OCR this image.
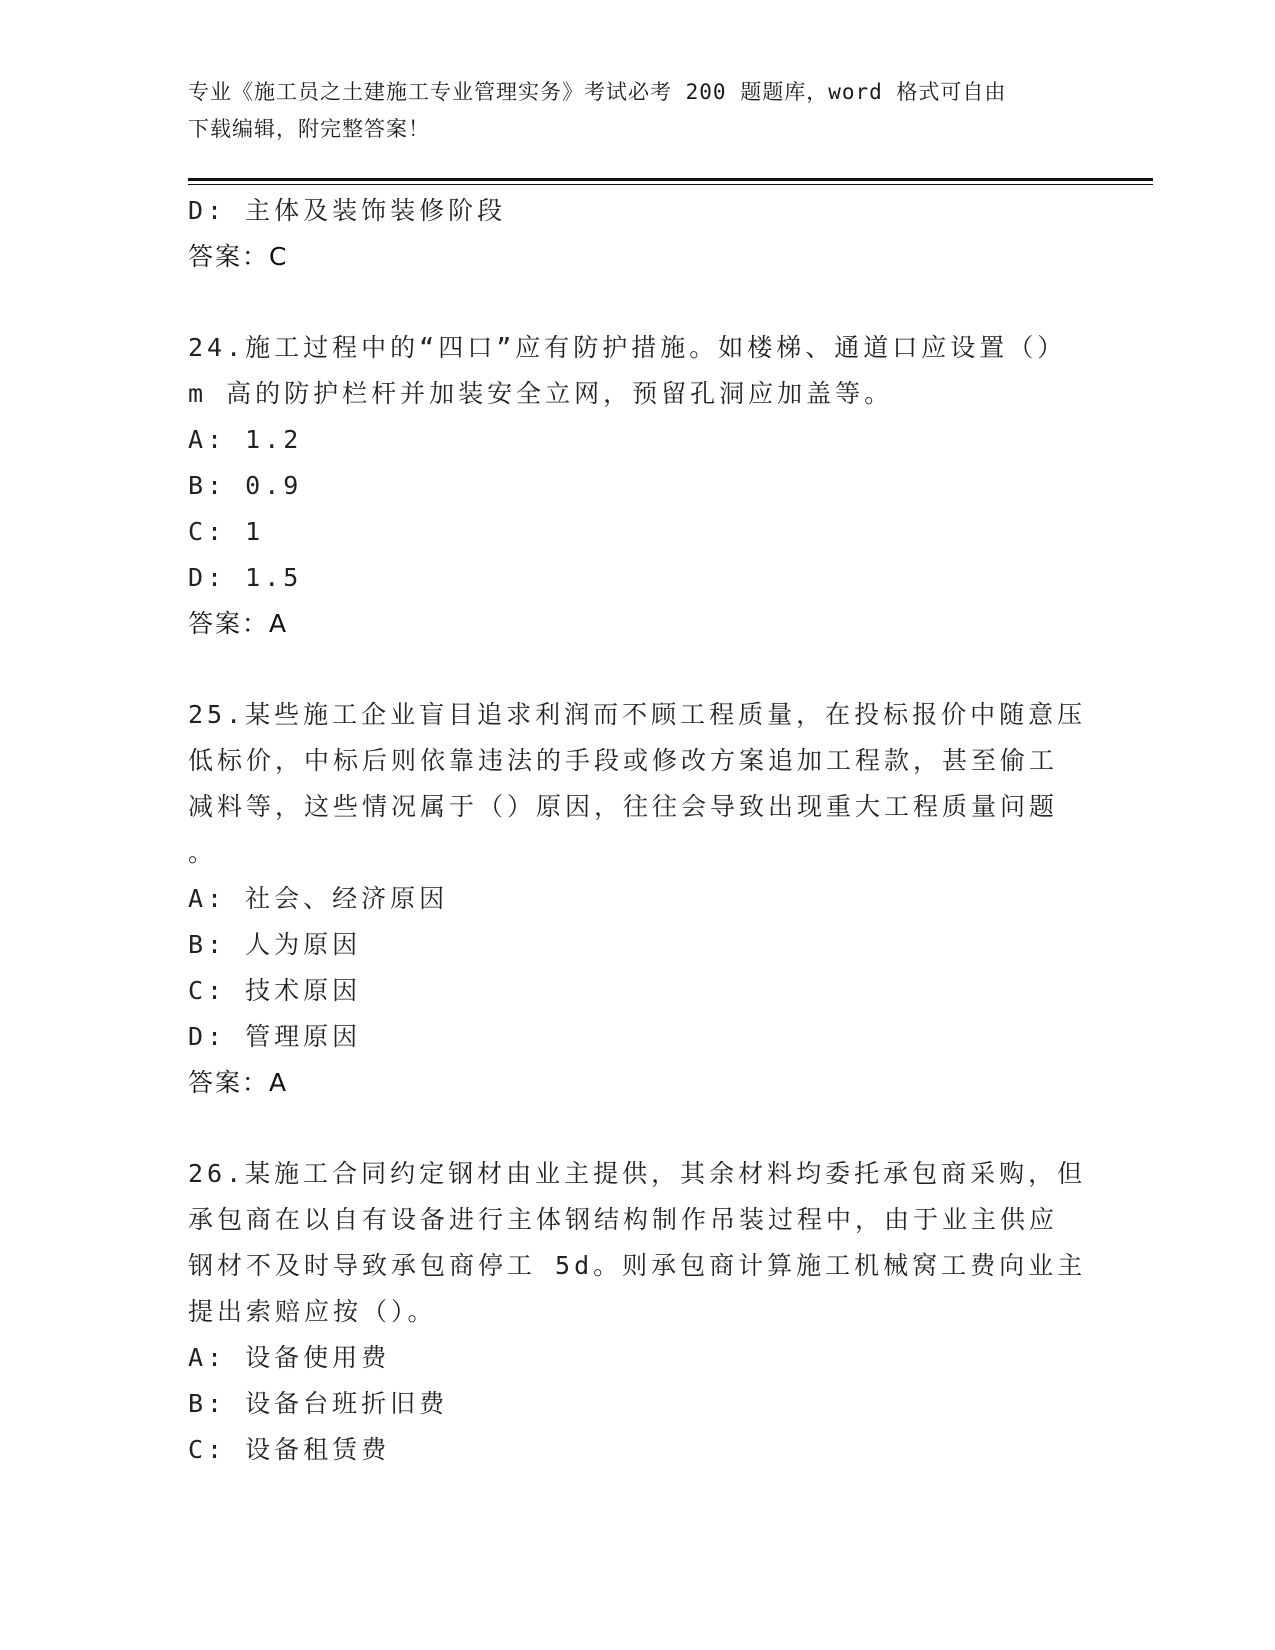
专业《施工员之土建施工专业管理实务》考试必考 200 题题库，word 格式可自由
下载编辑，附完整答案！
D: 主体及装饰装修阶段
答案：C
24.施工过程中的“四口”应有防护措施。如楼梯、通道口应设置（）
m 高的防护栏杆并加装安全立网，预留孔洞应加盖等。
A: 1.2
B: 0.9
C: 1
D: 1.5
答案：A
25.某些施工企业盲目追求利润而不顾工程质量，在投标报价中随意压
低标价，中标后则依靠违法的手段或修改方案追加工程款，甚至偷工
减料等，这些情况属于（）原因，往往会导致出现重大工程质量问题
。
A: 社会、经济原因
B: 人为原因
C: 技术原因
D: 管理原因
答案：A
26.某施工合同约定钢材由业主提供，其余材料均委托承包商采购，但
承包商在以自有设备进行主体钢结构制作吊装过程中，由于业主供应
钢材不及时导致承包商停工 5d。则承包商计算施工机械窝工费向业主
提出索赔应按（）。
A: 设备使用费
B: 设备台班折旧费
C: 设备租赁费
